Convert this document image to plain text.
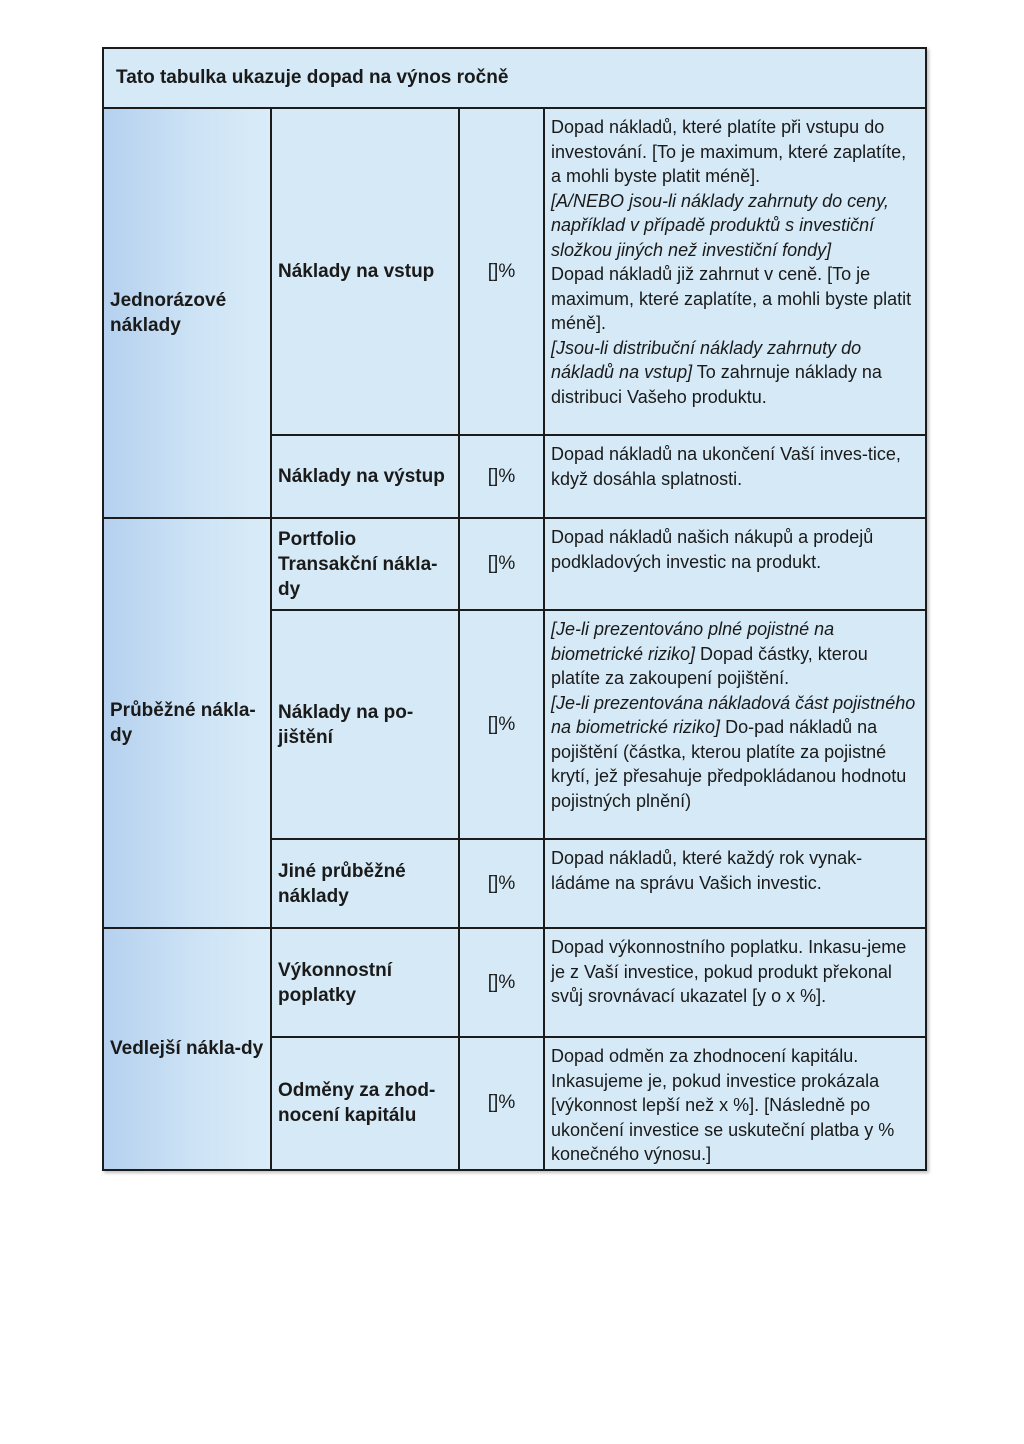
Tato tabulka ukazuje dopad na výnos ročně			

Jednorázové náklady	Náklady na vstup	[]%	Dopad nákladů, které platíte při vstupu do investování. [To je maximum, které zaplatíte, a mohli byste platit méně].
[A/NEBO jsou-li náklady zahrnuty do ceny, například v případě produktů s investiční složkou jiných než investiční fondy]
Dopad nákladů již zahrnut v ceně. [To je maximum, které zaplatíte, a mohli byste platit méně].
[Jsou-li distribuční náklady zahrnuty do nákladů na vstup] To zahrnuje náklady na distribuci Vašeho produktu.

	Náklady na výstup	[]%	Dopad nákladů na ukončení Vaší inves-tice, když dosáhla splatnosti.

Průběžné nákla-dy	Portfolio Transakční nákla-dy	[]%	Dopad nákladů našich nákupů a prodejů podkladových investic na produkt.

	Náklady na po-jištění	[]%	[Je-li prezentováno plné pojistné na biometrické riziko] Dopad částky, kterou platíte za zakoupení pojištění.
[Je-li prezentována nákladová část pojistného na biometrické riziko] Do-pad nákladů na pojištění (částka, kterou platíte za pojistné krytí, jež přesahuje předpokládanou hodnotu pojistných plnění)

	Jiné průběžné náklady	[]%	Dopad nákladů, které každý rok vynak-ládáme na správu Vašich investic.

Vedlejší nákla-dy	Výkonnostní poplatky	[]%	Dopad výkonnostního poplatku. Inkasu-jeme je z Vaší investice, pokud produkt překonal svůj srovnávací ukazatel [y o x %].

	Odměny za zhod-nocení kapitálu	[]%	Dopad odměn za zhodnocení kapitálu. Inkasujeme je, pokud investice prokázala [výkonnost lepší než x %]. [Následně po ukončení investice se uskuteční platba y % konečného výnosu.]
